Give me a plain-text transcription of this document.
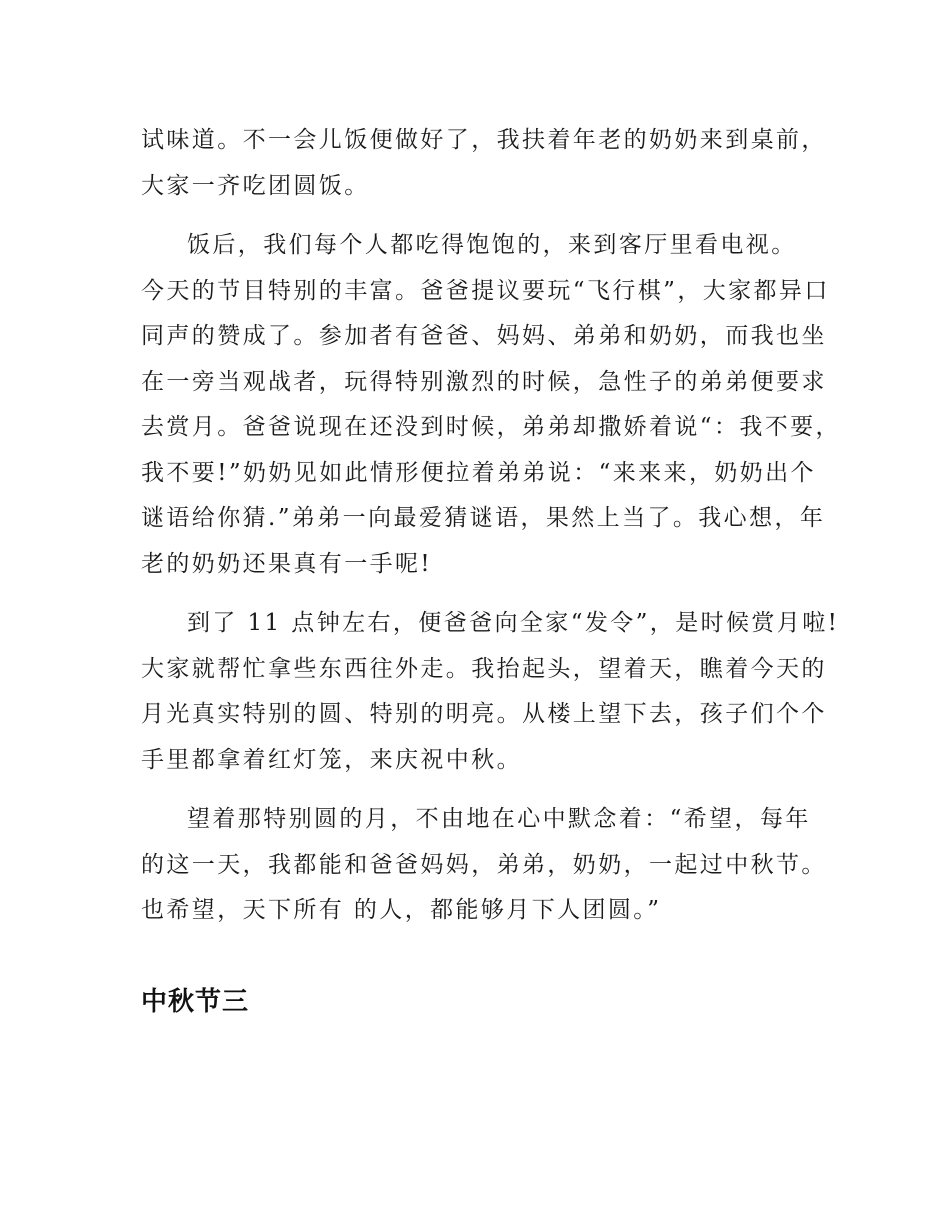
试味道。不一会儿饭便做好了，我扶着年老的奶奶来到桌前，
大家一齐吃团圆饭。

饭后，我们每个人都吃得饱饱的，来到客厅里看电视。
今天的节目特别的丰富。爸爸提议要玩“飞行棋”，大家都异口
同声的赞成了。参加者有爸爸、妈妈、弟弟和奶奶，而我也坐
在一旁当观战者，玩得特别激烈的时候，急性子的弟弟便要求
去赏月。爸爸说现在还没到时候，弟弟却撒娇着说“：我不要，
我不要!”奶奶见如此情形便拉着弟弟说：“来来来，奶奶出个
谜语给你猜.”弟弟一向最爱猜谜语，果然上当了。我心想，年
老的奶奶还果真有一手呢!

到了 11 点钟左右，便爸爸向全家“发令”，是时候赏月啦!
大家就帮忙拿些东西往外走。我抬起头，望着天，瞧着今天的
月光真实特别的圆、特别的明亮。从楼上望下去，孩子们个个
手里都拿着红灯笼，来庆祝中秋。

望着那特别圆的月，不由地在心中默念着：“希望，每年
的这一天，我都能和爸爸妈妈，弟弟，奶奶，一起过中秋节。
也希望，天下所有 的人，都能够月下人团圆。”

中秋节三
